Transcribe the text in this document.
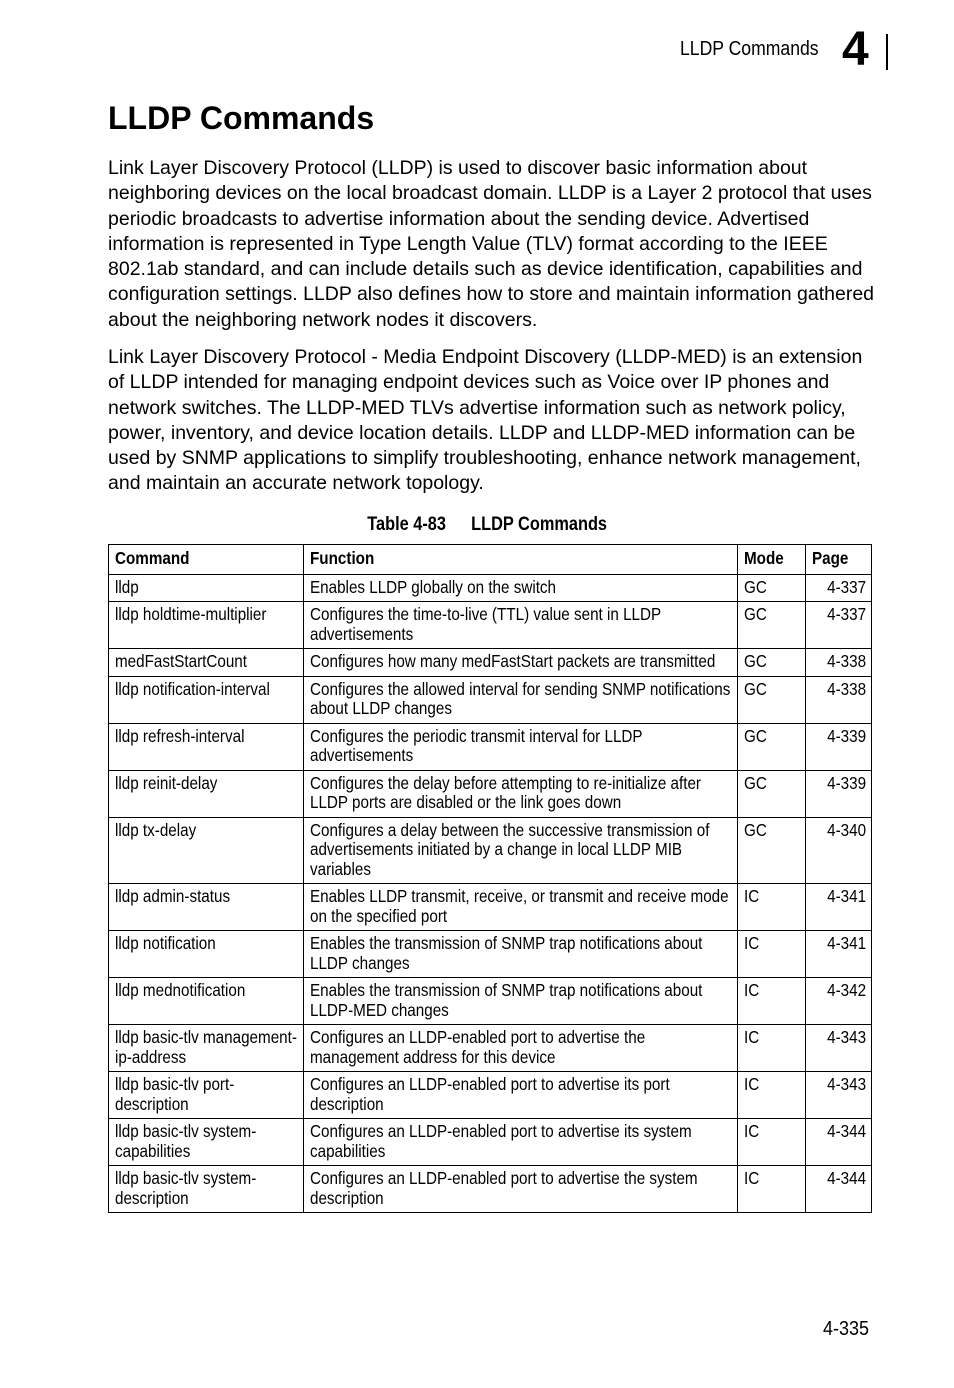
LLDP Commands 4
LLDP Commands

Link Layer Discovery Protocol (LLDP) is used to discover basic information about neighboring devices on the local broadcast domain. LLDP is a Layer 2 protocol that uses periodic broadcasts to advertise information about the sending device. Advertised information is represented in Type Length Value (TLV) format according to the IEEE 802.1ab standard, and can include details such as device identification, capabilities and configuration settings. LLDP also defines how to store and maintain information gathered about the neighboring network nodes it discovers.

Link Layer Discovery Protocol - Media Endpoint Discovery (LLDP-MED) is an extension of LLDP intended for managing endpoint devices such as Voice over IP phones and network switches. The LLDP-MED TLVs advertise information such as network policy, power, inventory, and device location details. LLDP and LLDP-MED information can be used by SNMP applications to simplify troubleshooting, enhance network management, and maintain an accurate network topology.

Table 4-83 LLDP Commands
Command	Function	Mode	Page

lldp	Enables LLDP globally on the switch	GC	4-337

lldp holdtime-multiplier	Configures the time-to-live (TTL) value sent in LLDP advertisements	GC	4-337

medFastStartCount	Configures how many medFastStart packets are transmitted	GC	4-338

lldp notification-interval	Configures the allowed interval for sending SNMP notifications about LLDP changes	GC	4-338

lldp refresh-interval	Configures the periodic transmit interval for LLDP advertisements	GC	4-339

lldp reinit-delay	Configures the delay before attempting to re-initialize after LLDP ports are disabled or the link goes down	GC	4-339

lldp tx-delay	Configures a delay between the successive transmission of advertisements initiated by a change in local LLDP MIB variables	GC	4-340

lldp admin-status	Enables LLDP transmit, receive, or transmit and receive mode on the specified port	IC	4-341

lldp notification	Enables the transmission of SNMP trap notifications about LLDP changes	IC	4-341

lldp mednotification	Enables the transmission of SNMP trap notifications about LLDP-MED changes	IC	4-342

lldp basic-tlv management-ip-address	Configures an LLDP-enabled port to advertise the management address for this device	IC	4-343

lldp basic-tlv port-description	Configures an LLDP-enabled port to advertise its port description	IC	4-343

lldp basic-tlv system-capabilities	Configures an LLDP-enabled port to advertise its system capabilities	IC	4-344

lldp basic-tlv system-description	Configures an LLDP-enabled port to advertise the system description	IC	4-344
4-335
